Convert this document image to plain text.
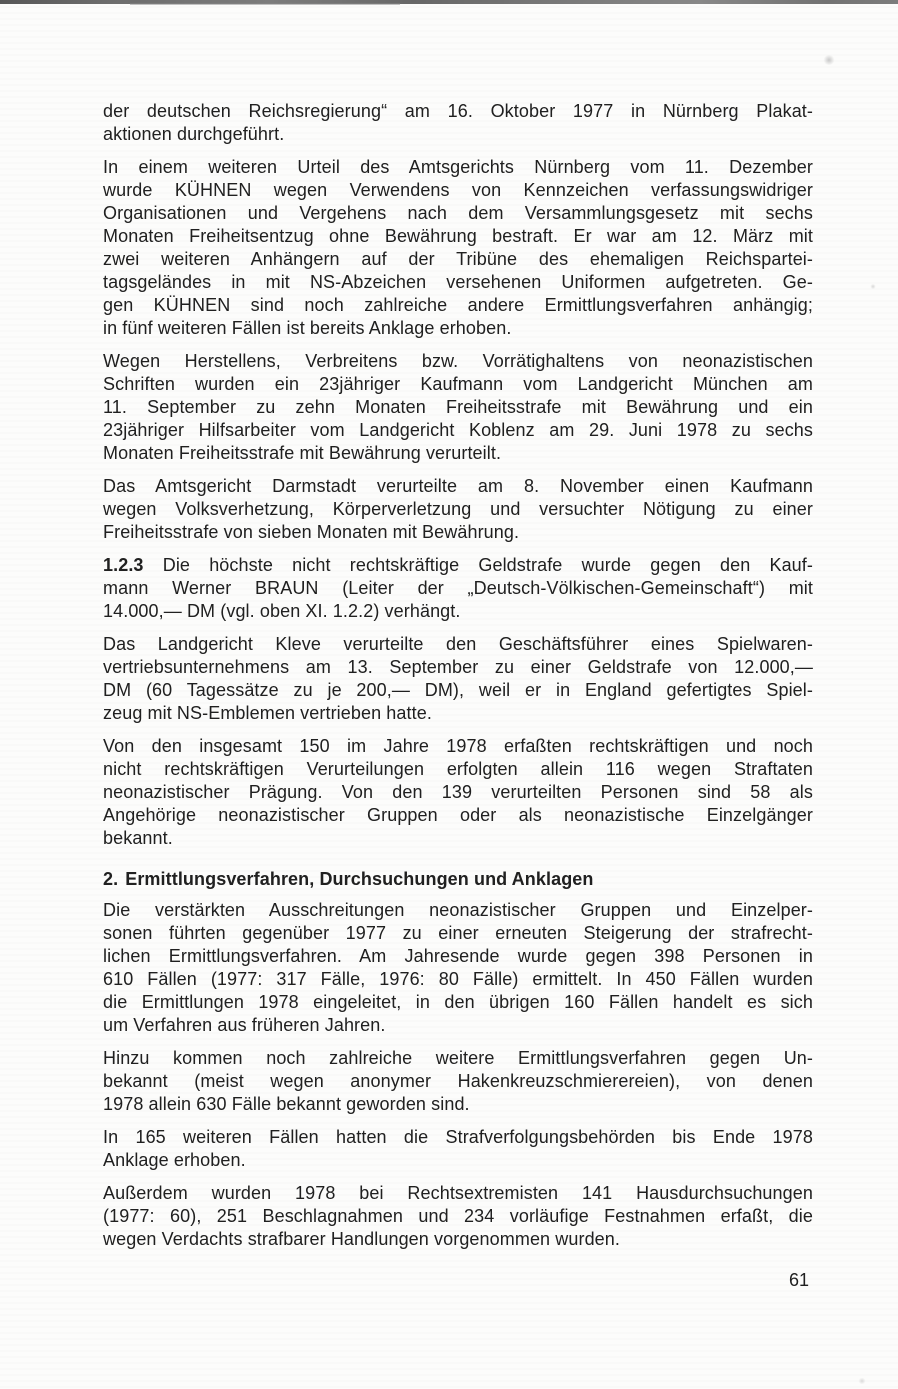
der deutschen Reichsregierung“ am 16. Oktober 1977 in Nürnberg Plakat-
aktionen durchgeführt.

In einem weiteren Urteil des Amtsgerichts Nürnberg vom 11. Dezember
wurde KÜHNEN wegen Verwendens von Kennzeichen verfassungswidriger
Organisationen und Vergehens nach dem Versammlungsgesetz mit sechs
Monaten Freiheitsentzug ohne Bewährung bestraft. Er war am 12. März mit
zwei weiteren Anhängern auf der Tribüne des ehemaligen Reichspartei-
tagsgeländes in mit NS-Abzeichen versehenen Uniformen aufgetreten. Ge-
gen KÜHNEN sind noch zahlreiche andere Ermittlungsverfahren anhängig;
in fünf weiteren Fällen ist bereits Anklage erhoben.

Wegen Herstellens, Verbreitens bzw. Vorrätighaltens von neonazistischen
Schriften wurden ein 23jähriger Kaufmann vom Landgericht München am
11. September zu zehn Monaten Freiheitsstrafe mit Bewährung und ein
23jähriger Hilfsarbeiter vom Landgericht Koblenz am 29. Juni 1978 zu sechs
Monaten Freiheitsstrafe mit Bewährung verurteilt.

Das Amtsgericht Darmstadt verurteilte am 8. November einen Kaufmann
wegen Volksverhetzung, Körperverletzung und versuchter Nötigung zu einer
Freiheitsstrafe von sieben Monaten mit Bewährung.

1.2.3 Die höchste nicht rechtskräftige Geldstrafe wurde gegen den Kauf-
mann Werner BRAUN (Leiter der „Deutsch-Völkischen-Gemeinschaft“) mit
14.000,— DM (vgl. oben XI. 1.2.2) verhängt.

Das Landgericht Kleve verurteilte den Geschäftsführer eines Spielwaren-
vertriebsunternehmens am 13. September zu einer Geldstrafe von 12.000,—
DM (60 Tagessätze zu je 200,— DM), weil er in England gefertigtes Spiel-
zeug mit NS-Emblemen vertrieben hatte.

Von den insgesamt 150 im Jahre 1978 erfaßten rechtskräftigen und noch
nicht rechtskräftigen Verurteilungen erfolgten allein 116 wegen Straftaten
neonazistischer Prägung. Von den 139 verurteilten Personen sind 58 als
Angehörige neonazistischer Gruppen oder als neonazistische Einzelgänger
bekannt.

2. Ermittlungsverfahren, Durchsuchungen und Anklagen

Die verstärkten Ausschreitungen neonazistischer Gruppen und Einzelper-
sonen führten gegenüber 1977 zu einer erneuten Steigerung der strafrecht-
lichen Ermittlungsverfahren. Am Jahresende wurde gegen 398 Personen in
610 Fällen (1977: 317 Fälle, 1976: 80 Fälle) ermittelt. In 450 Fällen wurden
die Ermittlungen 1978 eingeleitet, in den übrigen 160 Fällen handelt es sich
um Verfahren aus früheren Jahren.

Hinzu kommen noch zahlreiche weitere Ermittlungsverfahren gegen Un-
bekannt (meist wegen anonymer Hakenkreuzschmierereien), von denen
1978 allein 630 Fälle bekannt geworden sind.

In 165 weiteren Fällen hatten die Strafverfolgungsbehörden bis Ende 1978
Anklage erhoben.

Außerdem wurden 1978 bei Rechtsextremisten 141 Hausdurchsuchungen
(1977: 60), 251 Beschlagnahmen und 234 vorläufige Festnahmen erfaßt, die
wegen Verdachts strafbarer Handlungen vorgenommen wurden.

61
